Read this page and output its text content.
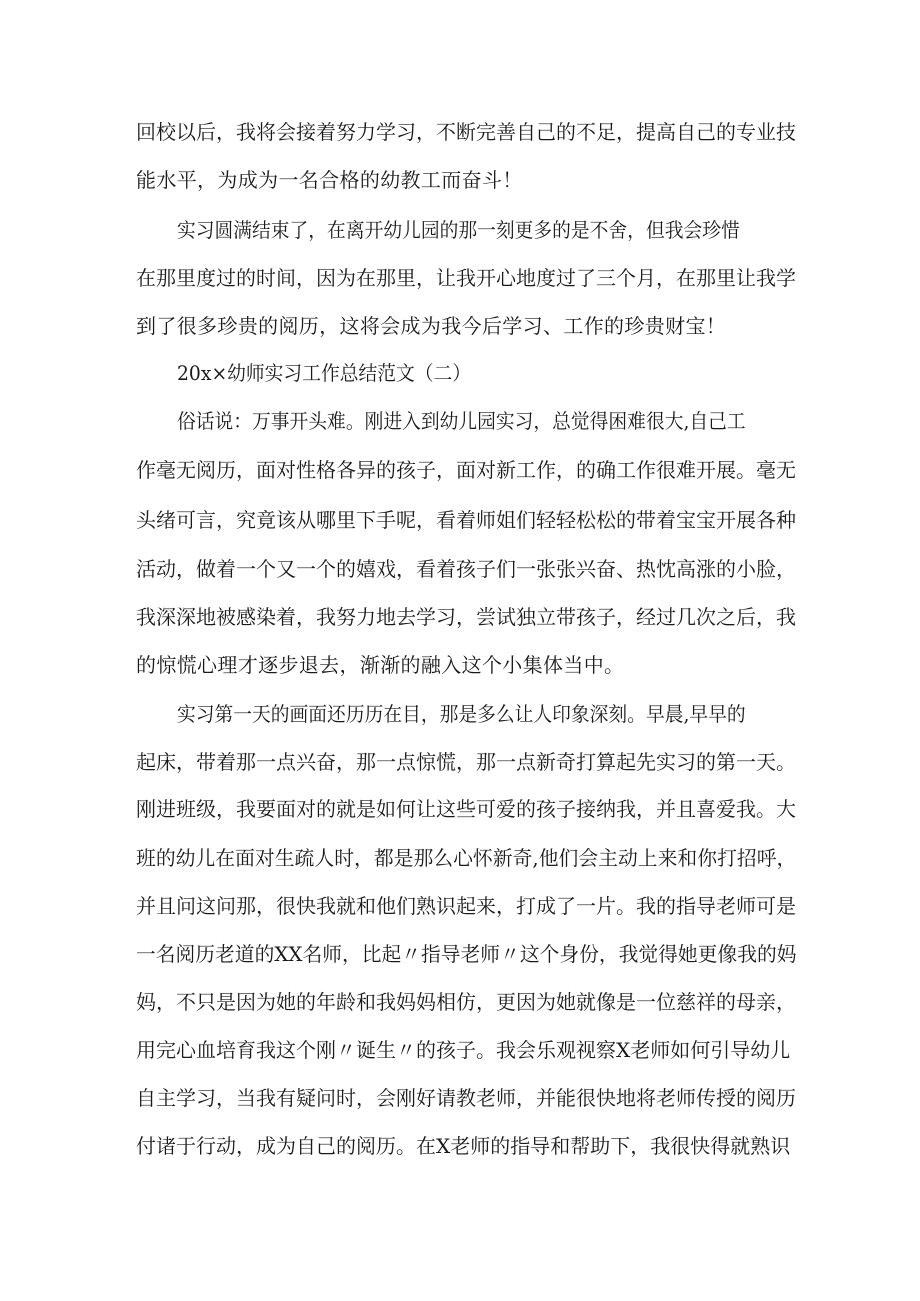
回校以后，我将会接着努力学习，不断完善自己的不足，提高自己的专业技
能水平，为成为一名合格的幼教工而奋斗！
实习圆满结束了，在离开幼儿园的那一刻更多的是不舍，但我会珍惜
在那里度过的时间，因为在那里，让我开心地度过了三个月，在那里让我学
到了很多珍贵的阅历，这将会成为我今后学习、工作的珍贵财宝！
20x×幼师实习工作总结范文（二）
俗话说：万事开头难。刚进入到幼儿园实习，总觉得困难很大,自己工
作毫无阅历，面对性格各异的孩子，面对新工作，的确工作很难开展。毫无
头绪可言，究竟该从哪里下手呢，看着师姐们轻轻松松的带着宝宝开展各种
活动，做着一个又一个的嬉戏，看着孩子们一张张兴奋、热忱高涨的小脸，
我深深地被感染着，我努力地去学习，尝试独立带孩子，经过几次之后，我
的惊慌心理才逐步退去，渐渐的融入这个小集体当中。
实习第一天的画面还历历在目，那是多么让人印象深刻。早晨,早早的
起床，带着那一点兴奋，那一点惊慌，那一点新奇打算起先实习的第一天。
刚进班级，我要面对的就是如何让这些可爱的孩子接纳我，并且喜爱我。大
班的幼儿在面对生疏人时，都是那么心怀新奇,他们会主动上来和你打招呼，
并且问这问那，很快我就和他们熟识起来，打成了一片。我的指导老师可是
一名阅历老道的XX名师，比起〃指导老师〃这个身份，我觉得她更像我的妈
妈，不只是因为她的年龄和我妈妈相仿，更因为她就像是一位慈祥的母亲，
用完心血培育我这个刚〃诞生〃的孩子。我会乐观视察X老师如何引导幼儿
自主学习，当我有疑问时，会刚好请教老师，并能很快地将老师传授的阅历
付诸于行动，成为自己的阅历。在X老师的指导和帮助下，我很快得就熟识
